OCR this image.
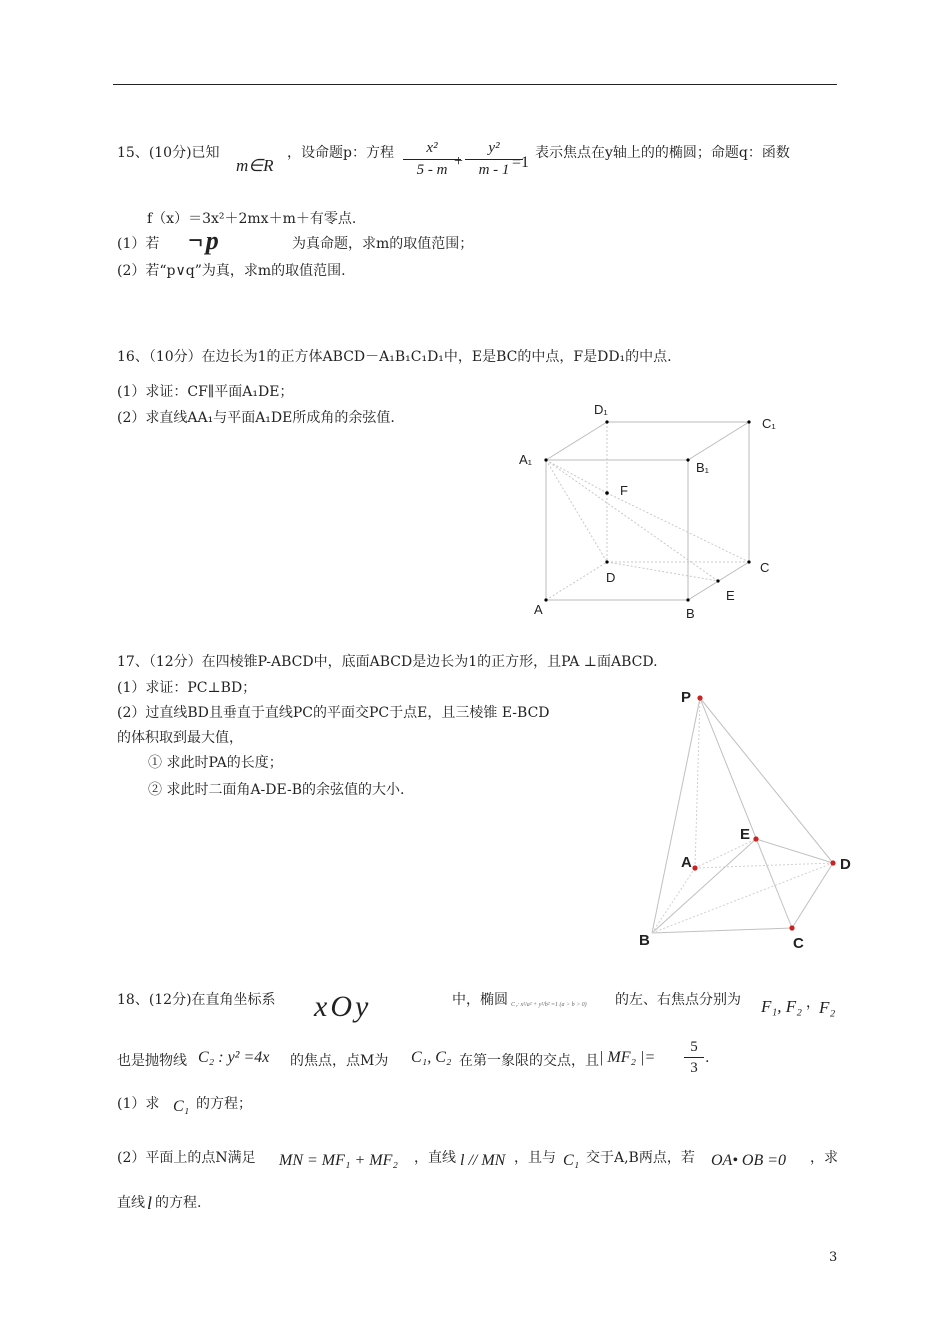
15、(10分)已知
m∈R
，设命题p：方程 $\frac{\text{x²}}{5 - m}$
+ $\frac{\text{y²}}{m - 1}$
=1
表示焦点在y轴上的的椭圆；命题q：函数
f（x）＝3x²＋2mx＋m＋有零点.
(1）若 ¬p	为真命题，求m的取值范围；
(2）若“p∨q”为真，求m的取值范围.
16、（10分）在边长为1的正方体ABCD－A₁B₁C₁D₁中，E是BC的中点，F是DD₁的中点.
(1）求证：CF∥平面A₁DE；
(2）求直线AA₁与平面A₁DE所成角的余弦值.
D₁
C₁
A₁
B₁
F
D
C
E
A	B
17、（12分）在四棱锥P-ABCD中，底面ABCD是边长为1的正方形，且PA ⊥面ABCD.
(1）求证：PC⊥BD；
(2）过直线BD且垂直于直线PC的平面交PC于点E，且三棱锥 E-BCD
的体积取到最大值，
① 求此时PA的长度；
② 求此时二面角A-DE-B的余弦值的大小.
P
E
A	D
B	C
18、(12分)在直角坐标系 xOy	中，椭圆 C₁: x²/a² + y²/b² =1 (a > b > 0) 的左、右焦点分别为 F₁, F₂ ， F₂
也是抛物线 C₂ : y² =4x 的焦点，点M为 C₁, C₂ 在第一象限的交点，且 | MF₂ |= $\frac{5}{3}$ .
(1）求 C₁ 的方程；
(2）平面上的点N满足 MN = MF₁ + MF₂ ，直线 l // MN ，且与 C₁ 交于A,B两点，若 OA• OB =0 ，求
直线 l 的方程.
3
